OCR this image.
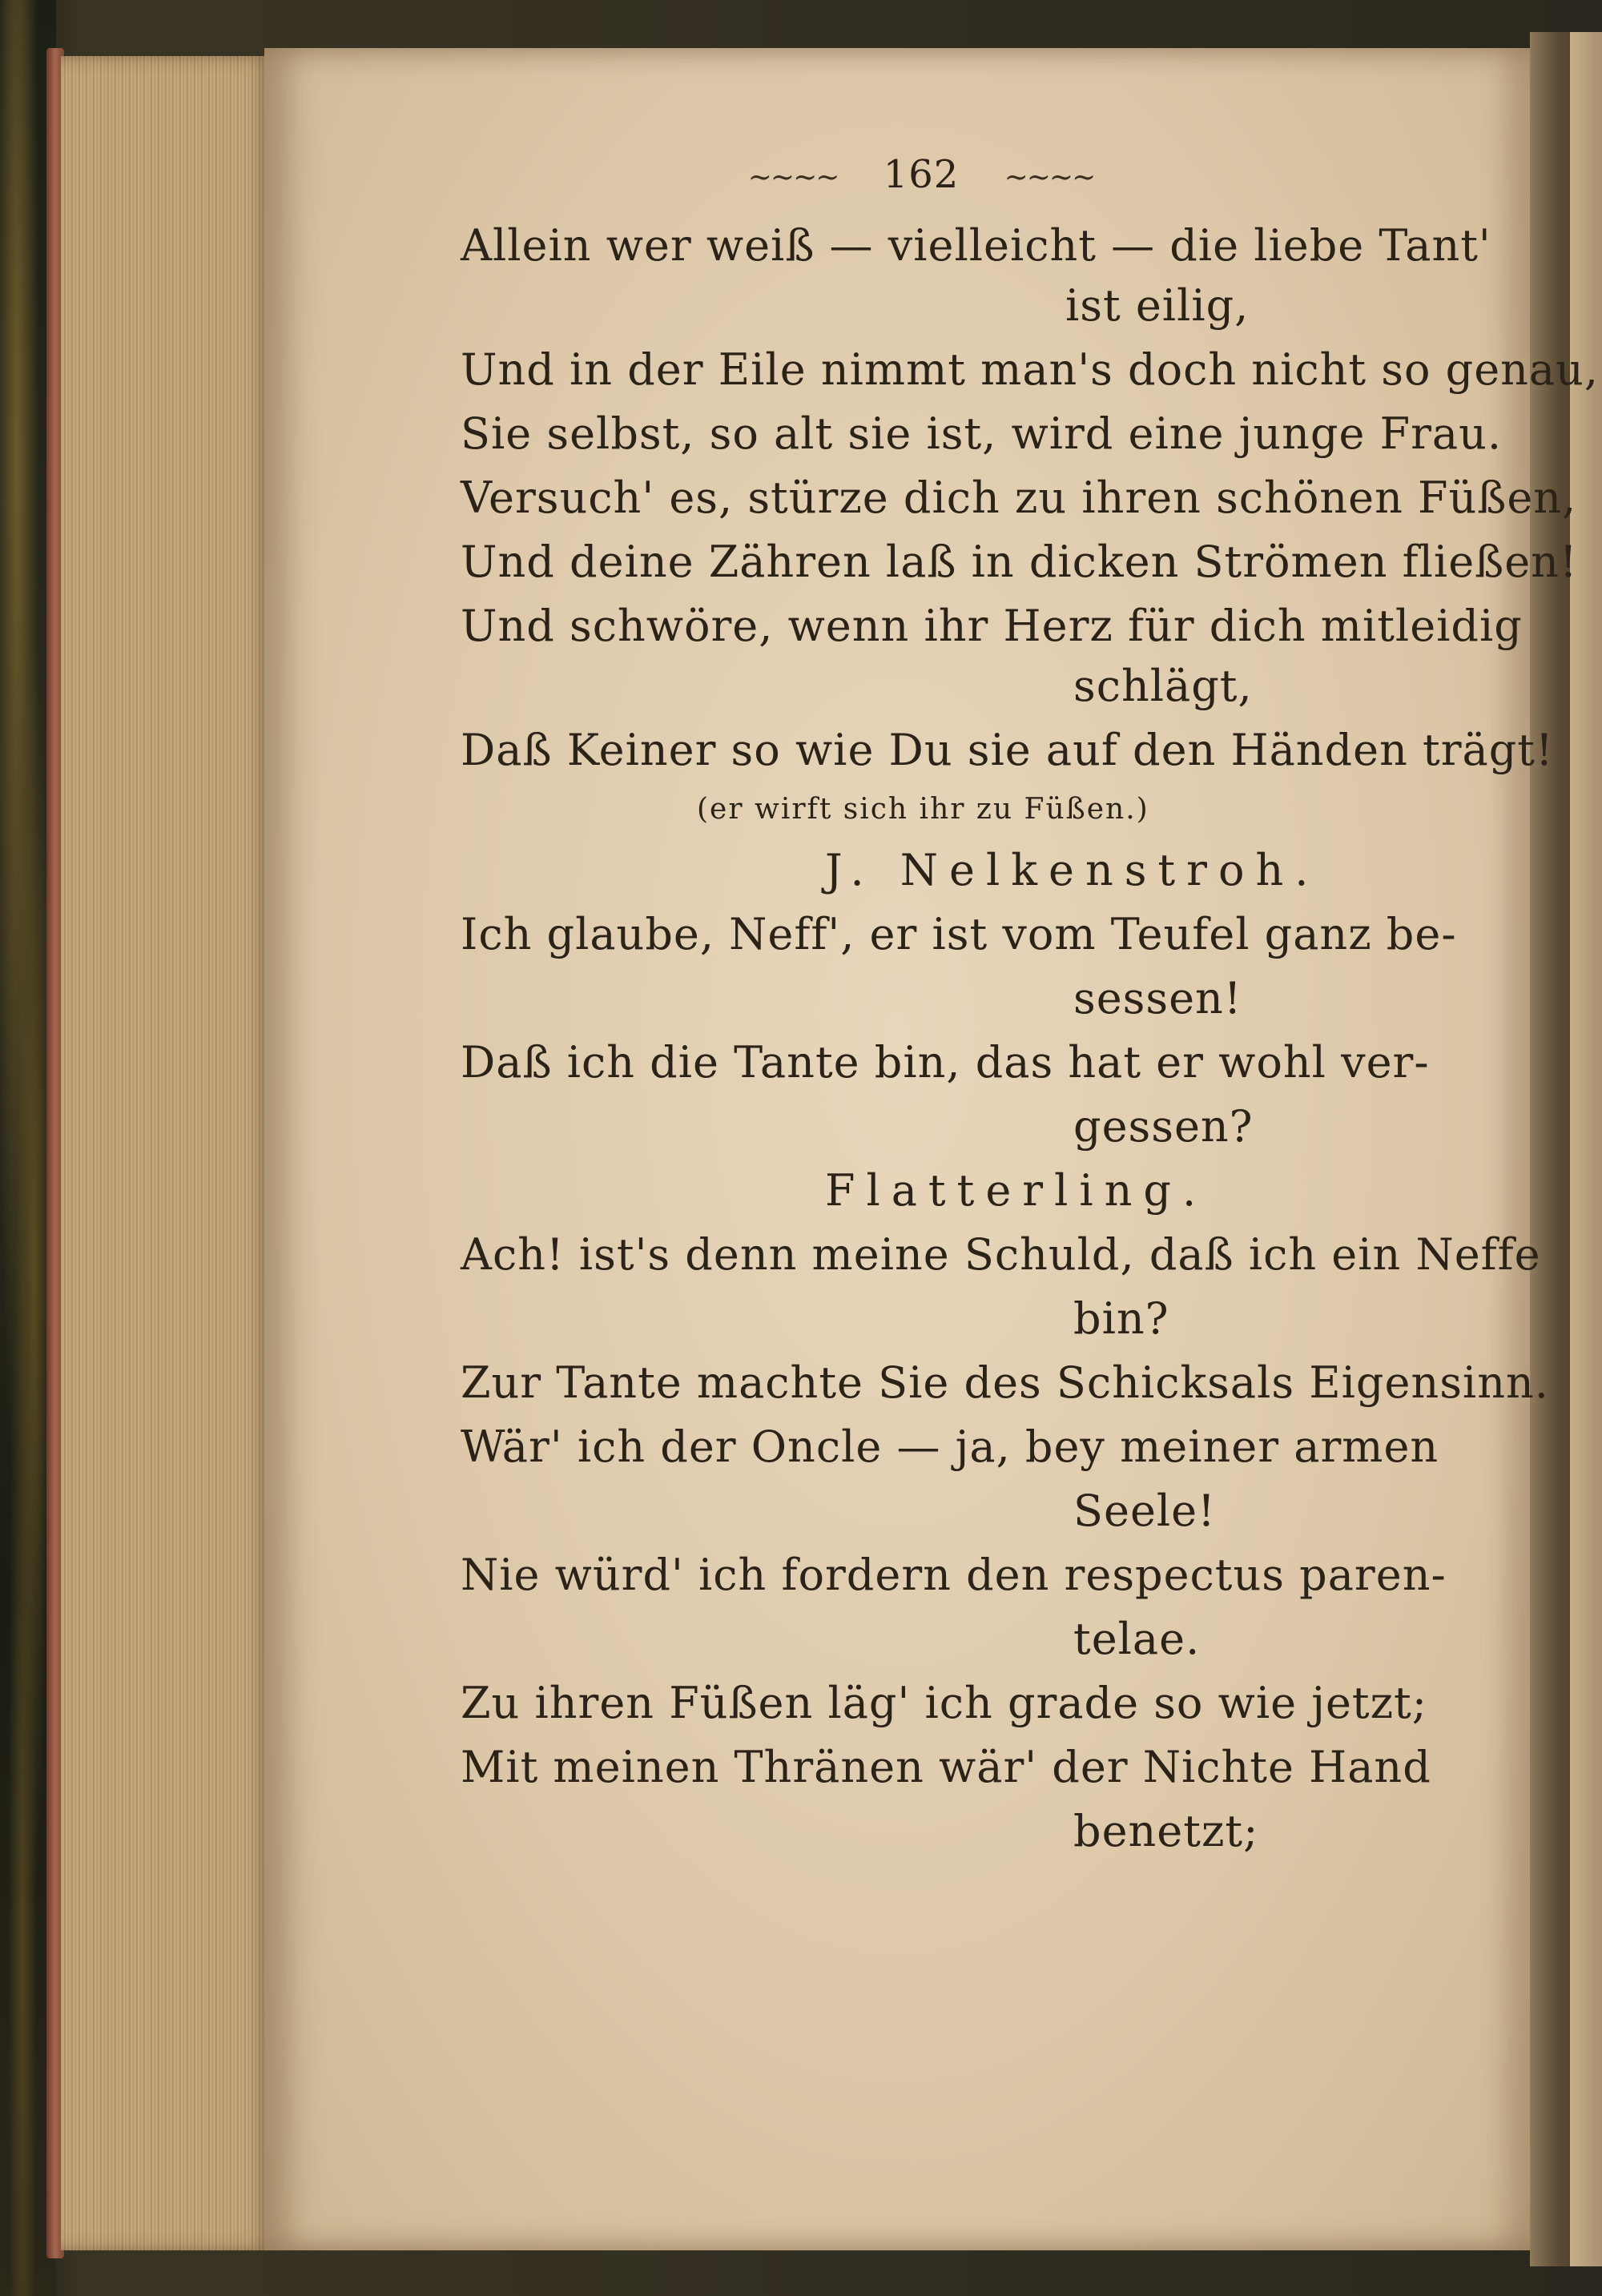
~~~~ 162 ~~~~
Allein wer weiß — vielleicht — die liebe Tant'
ist eilig,
Und in der Eile nimmt man's doch nicht so genau,
Sie selbst, so alt sie ist, wird eine junge Frau.
Versuch' es, stürze dich zu ihren schönen Füßen,
Und deine Zähren laß in dicken Strömen fließen!
Und schwöre, wenn ihr Herz für dich mitleidig
schlägt,
Daß Keiner so wie Du sie auf den Händen trägt!
(er wirft sich ihr zu Füßen.)
J. Nelkenstroh.
Ich glaube, Neff', er ist vom Teufel ganz be-
sessen!
Daß ich die Tante bin, das hat er wohl ver-
gessen?
Flatterling.
Ach! ist's denn meine Schuld, daß ich ein Neffe
bin?
Zur Tante machte Sie des Schicksals Eigensinn.
Wär' ich der Oncle — ja, bey meiner armen
Seele!
Nie würd' ich fordern den respectus paren-
telae.
Zu ihren Füßen läg' ich grade so wie jetzt;
Mit meinen Thränen wär' der Nichte Hand
benetzt;
